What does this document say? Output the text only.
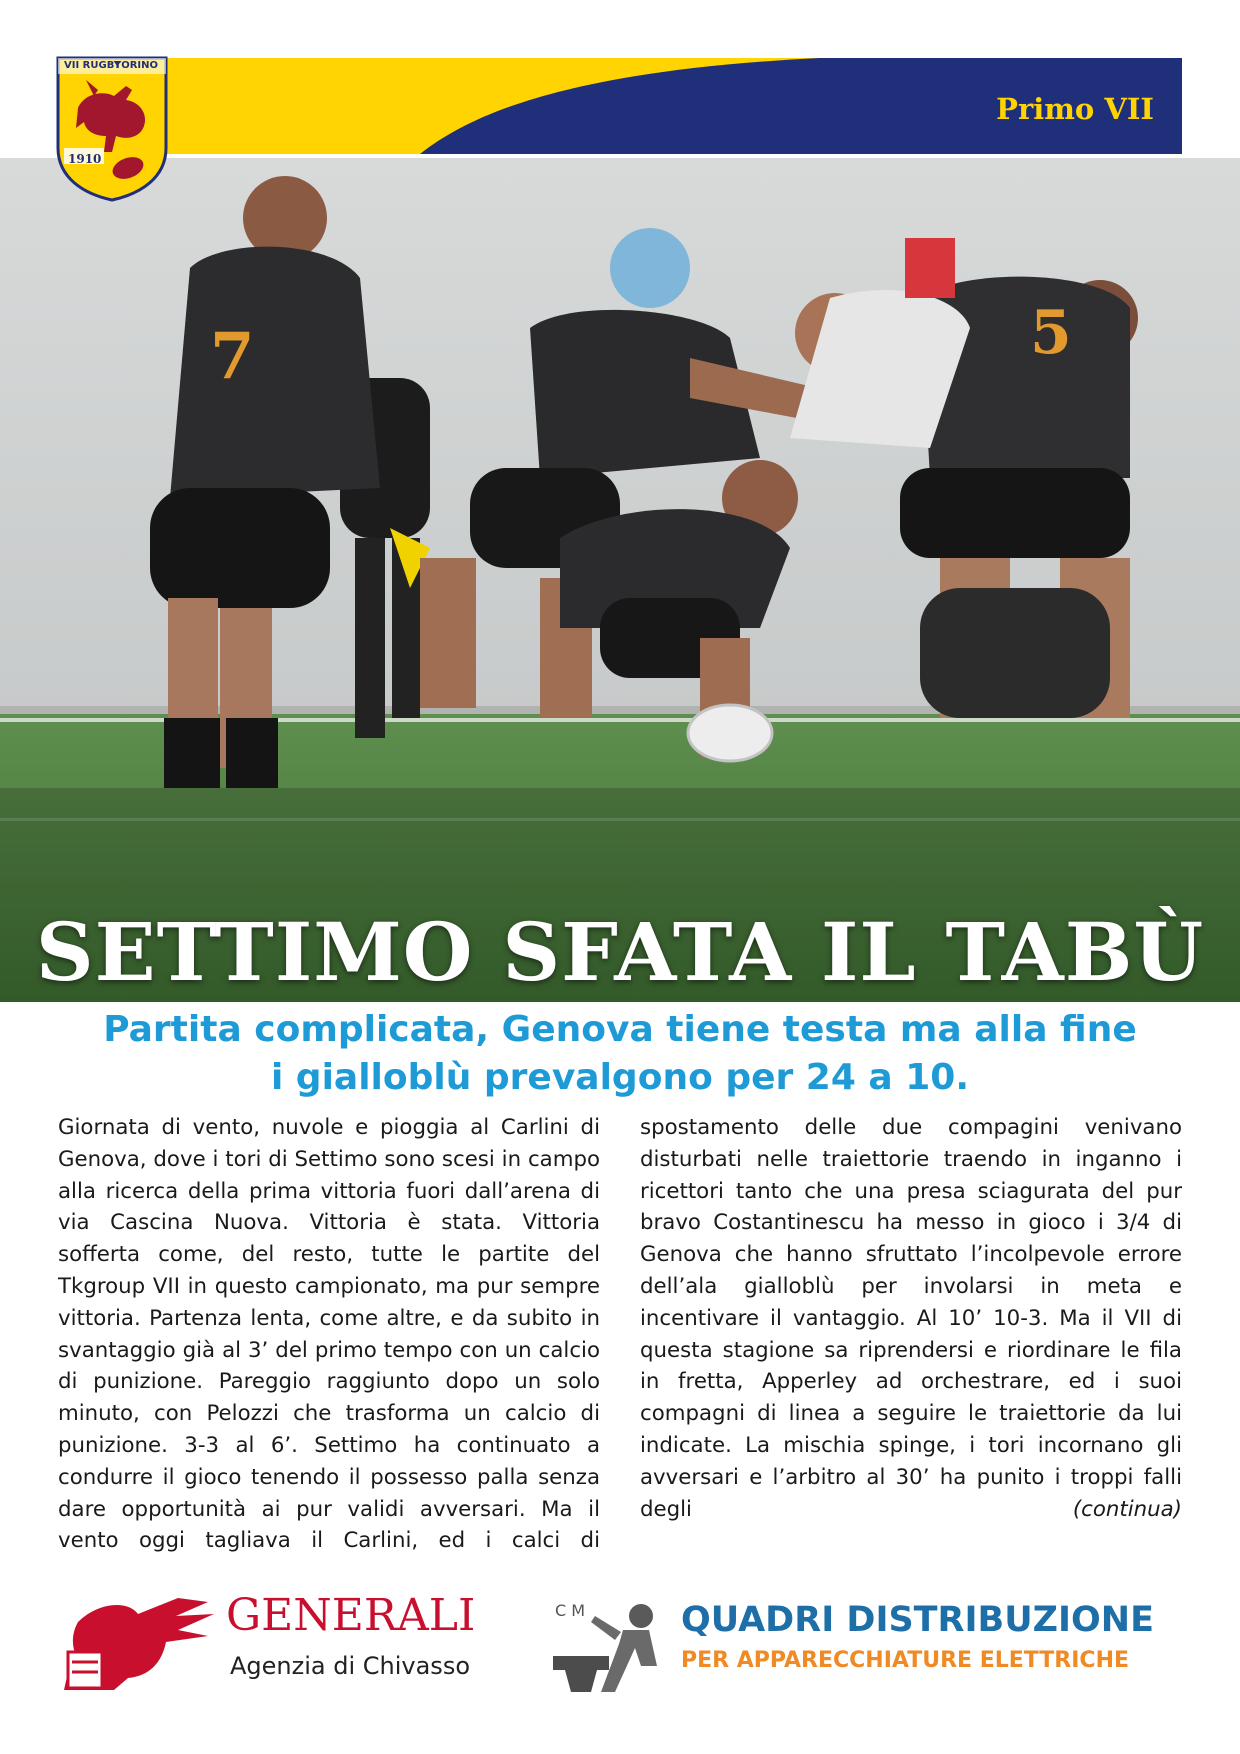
Primo VII
VII RUGBY
TORINO
1910
7	5
SETTIMO SFATA IL TABÙ
Partita complicata, Genova tiene testa ma alla fine
i gialloblù prevalgono per 24 a 10.
Giornata di vento, nuvole e pioggia al Carlini di Genova, dove i tori di Settimo sono scesi in campo alla ricerca della prima vittoria fuori dall’arena di via Cascina Nuova. Vittoria è stata. Vittoria sofferta come, del resto, tutte le partite del Tkgroup VII in questo campionato, ma pur sempre vittoria. Partenza lenta, come altre, e da subito in svantaggio già al 3’ del primo tempo con un calcio di punizione. Pareggio raggiunto dopo un solo minuto, con Pelozzi che trasforma un calcio di punizione. 3-3 al 6’. Settimo ha continuato a condurre il gioco tenendo il possesso palla senza dare opportunità ai pur validi avversari. Ma il vento oggi tagliava il Carlini, ed i calci di spostamento delle due compagini venivano disturbati nelle traiettorie traendo in inganno i ricettori tanto che una presa sciagurata del pur bravo Costantinescu ha messo in gioco i 3/4 di Genova che hanno sfruttato l’incolpevole errore dell’ala gialloblù per involarsi in meta e incentivare il vantaggio. Al 10’ 10-3. Ma il VII di questa stagione sa riprendersi e riordinare le fila in fretta, Apperley ad orchestrare, ed i suoi compagni di linea a seguire le traiettorie da lui indicate. La mischia spinge, i tori incornano gli avversari e l’arbitro al 30’ ha punito i troppi falli degli	(continua)
GENERALI
Agenzia di Chivasso
C M	QUADRI DISTRIBUZIONE
PER APPARECCHIATURE ELETTRICHE
